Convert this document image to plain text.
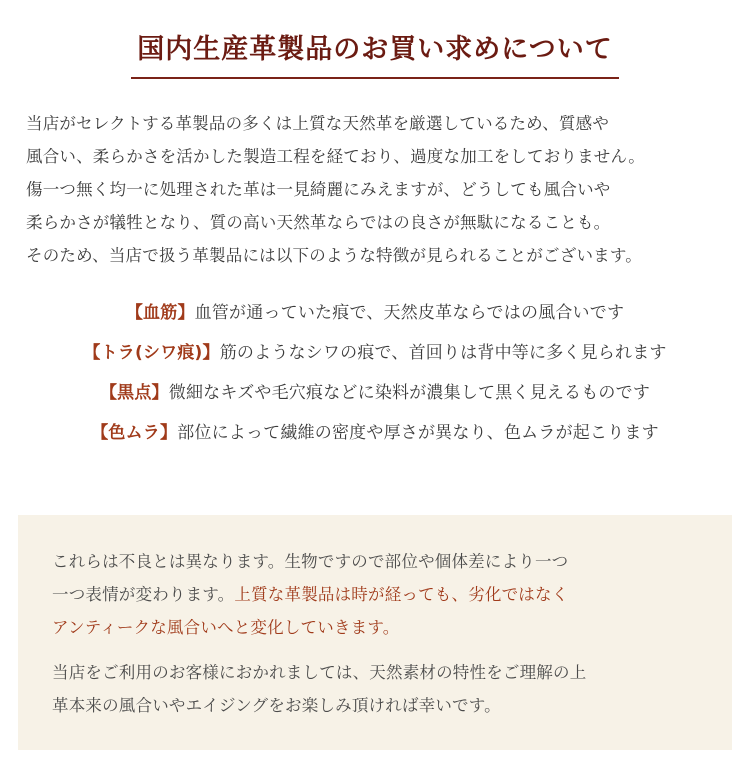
国内生産革製品のお買い求めについて
当店がセレクトする革製品の多くは上質な天然革を厳選しているため、質感や
風合い、柔らかさを活かした製造工程を経ており、過度な加工をしておりません。
傷一つ無く均一に処理された革は一見綺麗にみえますが、どうしても風合いや
柔らかさが犠牲となり、質の高い天然革ならではの良さが無駄になることも。
そのため、当店で扱う革製品には以下のような特徴が見られることがございます。
【血筋】血管が通っていた痕で、天然皮革ならではの風合いです
【トラ(シワ痕)】筋のようなシワの痕で、首回りは背中等に多く見られます
【黒点】微細なキズや毛穴痕などに染料が濃集して黒く見えるものです
【色ムラ】部位によって繊維の密度や厚さが異なり、色ムラが起こります
これらは不良とは異なります。生物ですので部位や個体差により一つ
一つ表情が変わります。上質な革製品は時が経っても、劣化ではなく
アンティークな風合いへと変化していきます。
当店をご利用のお客様におかれましては、天然素材の特性をご理解の上
革本来の風合いやエイジングをお楽しみ頂ければ幸いです。
